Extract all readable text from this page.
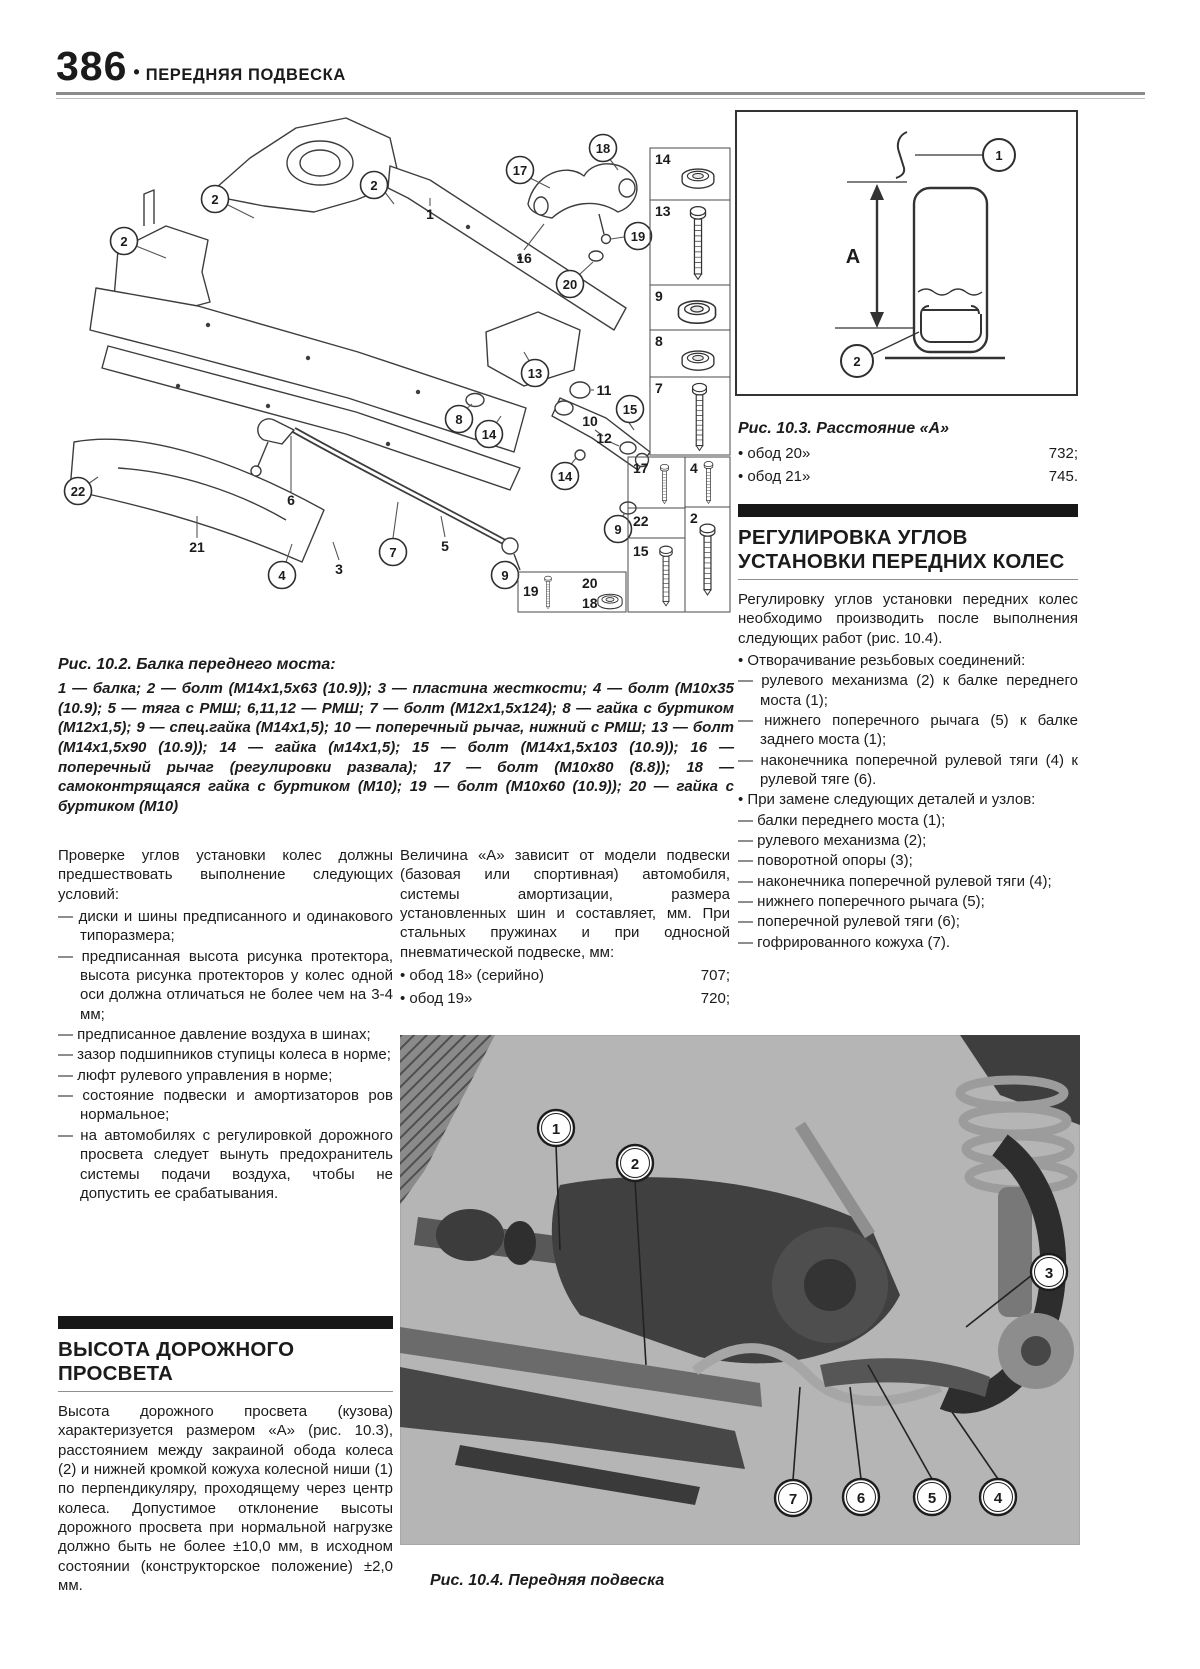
386 • ПЕРЕДНЯЯ ПОДВЕСКА
2
2
2
17
18
19
20
13
15
8
14
14
9
9
7
4
22
1
16
11
10
12
6
5
3
21
14
13
9
8
7
4
2
17
22
15
19	20
18
Рис. 10.2. Балка переднего моста:
1 — балка; 2 — болт (М14х1,5х63 (10.9)); 3 — пластина жесткости; 4 — болт (М10х35 (10.9); 5 — тяга с РМШ; 6,11,12 — РМШ; 7 — болт (М12х1,5х124); 8 — гайка с буртиком (М12х1,5); 9 — спец.гайка (М14х1,5); 10 — поперечный рычаг, нижний с РМШ; 13 — болт (М14х1,5х90 (10.9)); 14 — гайка (м14х1,5); 15 — болт (М14х1,5х103 (10.9)); 16 — поперечный рычаг (регулировки развала); 17 — болт (М10х80 (8.8)); 18 — самоконтрящаяся гайка с буртиком (М10); 19 — болт (М10х60 (10.9)); 20 — гайка с буртиком (М10)

Проверке углов установки колес должны предшествовать выполнение следующих условий:

— диски и шины предписанного и одинакового типоразмера;

— предписанная высота рисунка протектора, высота рисунка протекторов у колес одной оси должна отличаться не более чем на 3-4 мм;

— предписанное давление воздуха в шинах;

— зазор подшипников ступицы колеса в норме;

— люфт рулевого управления в норме;

— состояние подвески и амортизаторов ров нормальное;

— на автомобилях с регулировкой дорожного просвета следует вынуть предохранитель системы подачи воздуха, чтобы не допустить ее срабатывания.

ВЫСОТА ДОРОЖНОГО ПРОСВЕТА

Высота дорожного просвета (кузова) характеризуется размером «А» (рис. 10.3), расстоянием между закраиной обода колеса (2) и нижней кромкой кожуха колесной ниши (1) по перпендикуляру, проходящему через центр колеса. Допустимое отклонение высоты дорожного просвета при нормальной нагрузке должно быть не более ±10,0 мм, в исходном состоянии (конструкторское положение) ±2,0 мм.

Величина «А» зависит от модели подвески (базовая или спортивная) автомобиля, системы амортизации, размера установленных шин и составляет, мм. При стальных пружинах и при односной пневматической подвеске, мм:

• обод 18» (серийно)	707;
• обод 19»	720;
A
1
2
Рис. 10.3. Расстояние «А»
• обод 20»	732;
• обод 21»	745.
РЕГУЛИРОВКА УГЛОВ УСТАНОВКИ ПЕРЕДНИХ КОЛЕС

Регулировку углов установки передних колес необходимо производить после выполнения следующих работ (рис. 10.4).

• Отворачивание резьбовых соединений:

— рулевого механизма (2) к балке переднего моста (1);

— нижнего поперечного рычага (5) к балке заднего моста (1);

— наконечника поперечной рулевой тяги (4) к рулевой тяге (6).

• При замене следующих деталей и узлов:

— балки переднего моста (1);

— рулевого механизма (2);

— поворотной опоры (3);

— наконечника поперечной рулевой тяги (4);

— нижнего поперечного рычага (5);

— поперечной рулевой тяги (6);

— гофрированного кожуха (7).

1
2
3
7	6	5	4
Рис. 10.4. Передняя подвеска
